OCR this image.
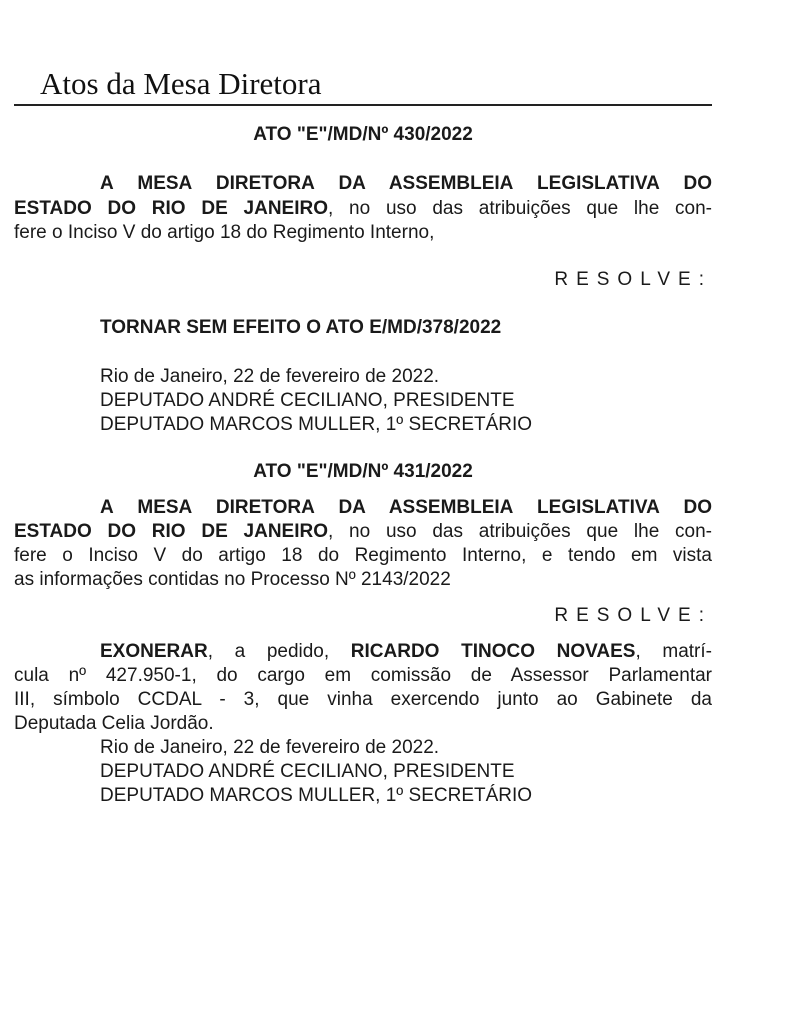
Atos da Mesa Diretora
ATO "E"/MD/Nº 430/2022
A MESA DIRETORA DA ASSEMBLEIA LEGISLATIVA DO
ESTADO DO RIO DE JANEIRO, no uso das atribuições que lhe con-
fere o Inciso V do artigo 18 do Regimento Interno,
RESOLVE:
TORNAR SEM EFEITO O ATO E/MD/378/2022
Rio de Janeiro, 22 de fevereiro de 2022.
DEPUTADO ANDRÉ CECILIANO, PRESIDENTE
DEPUTADO MARCOS MULLER, 1º SECRETÁRIO
ATO "E"/MD/Nº 431/2022
A MESA DIRETORA DA ASSEMBLEIA LEGISLATIVA DO
ESTADO DO RIO DE JANEIRO, no uso das atribuições que lhe con-
fere o Inciso V do artigo 18 do Regimento Interno, e tendo em vista
as informações contidas no Processo Nº 2143/2022
RESOLVE:
EXONERAR, a pedido, RICARDO TINOCO NOVAES, matrí-
cula nº 427.950-1, do cargo em comissão de Assessor Parlamentar
III, símbolo CCDAL - 3, que vinha exercendo junto ao Gabinete da
Deputada Celia Jordão.
Rio de Janeiro, 22 de fevereiro de 2022.
DEPUTADO ANDRÉ CECILIANO, PRESIDENTE
DEPUTADO MARCOS MULLER, 1º SECRETÁRIO
